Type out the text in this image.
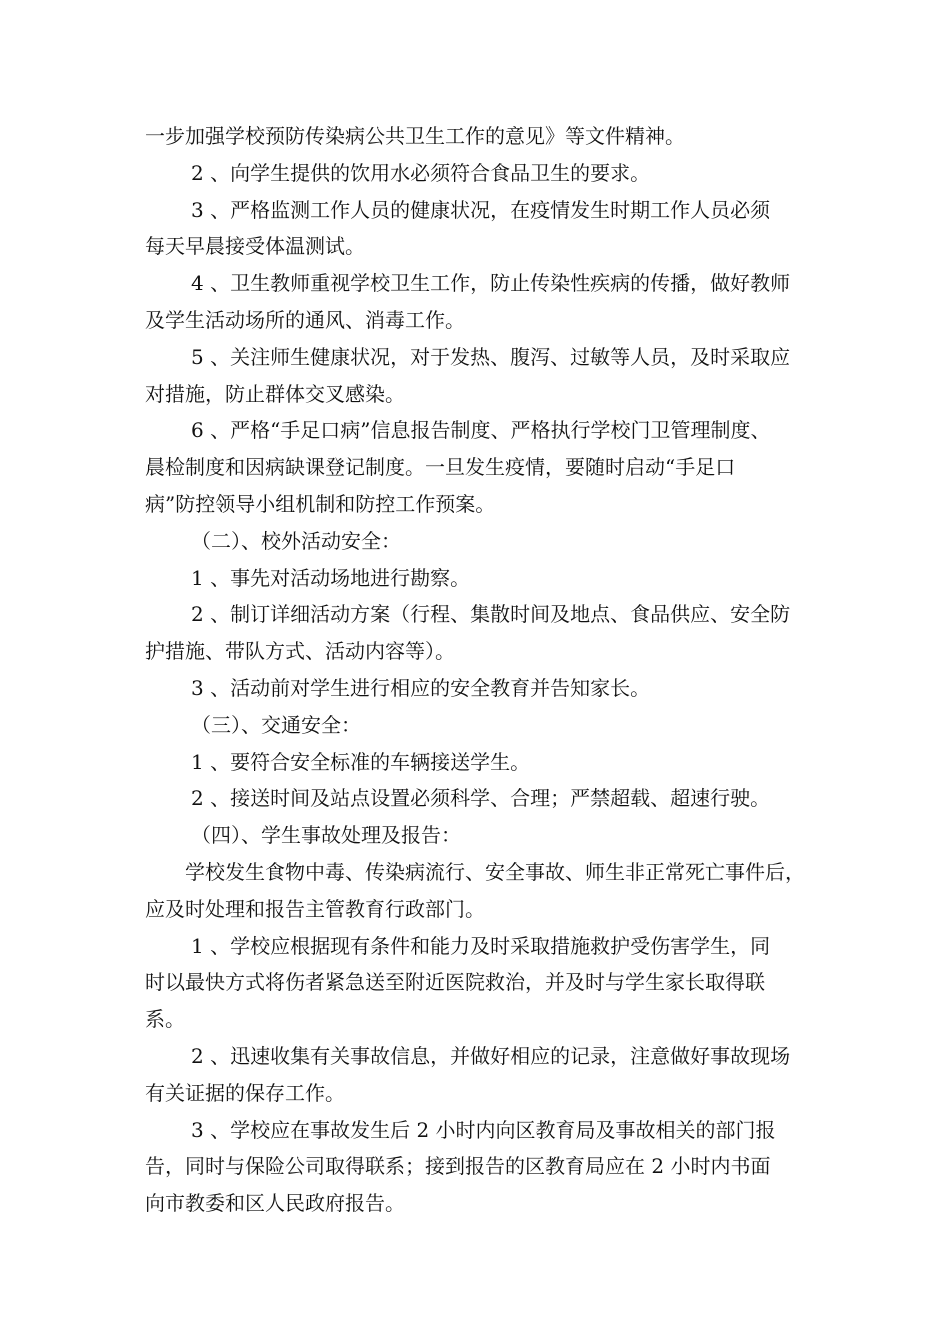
一步加强学校预防传染病公共卫生工作的意见》等文件精神。
2 、向学生提供的饮用水必须符合食品卫生的要求。
3 、严格监测工作人员的健康状况，在疫情发生时期工作人员必须
每天早晨接受体温测试。
4 、卫生教师重视学校卫生工作，防止传染性疾病的传播，做好教师
及学生活动场所的通风、消毒工作。
5 、关注师生健康状况，对于发热、腹泻、过敏等人员，及时采取应
对措施，防止群体交叉感染。
6 、严格“手足口病”信息报告制度、严格执行学校门卫管理制度、
晨检制度和因病缺课登记制度。一旦发生疫情，要随时启动“手足口
病”防控领导小组机制和防控工作预案。
（二）、校外活动安全：
1 、事先对活动场地进行勘察。
2 、制订详细活动方案（行程、集散时间及地点、食品供应、安全防
护措施、带队方式、活动内容等）。
3 、活动前对学生进行相应的安全教育并告知家长。
（三）、交通安全：
1 、要符合安全标准的车辆接送学生。
2 、接送时间及站点设置必须科学、合理；严禁超载、超速行驶。
（四）、学生事故处理及报告：
学校发生食物中毒、传染病流行、安全事故、师生非正常死亡事件后，
应及时处理和报告主管教育行政部门。
1 、学校应根据现有条件和能力及时采取措施救护受伤害学生，同
时以最快方式将伤者紧急送至附近医院救治，并及时与学生家长取得联
系。
2 、迅速收集有关事故信息，并做好相应的记录，注意做好事故现场
有关证据的保存工作。
3 、学校应在事故发生后 2 小时内向区教育局及事故相关的部门报
告，同时与保险公司取得联系；接到报告的区教育局应在 2 小时内书面
向市教委和区人民政府报告。
